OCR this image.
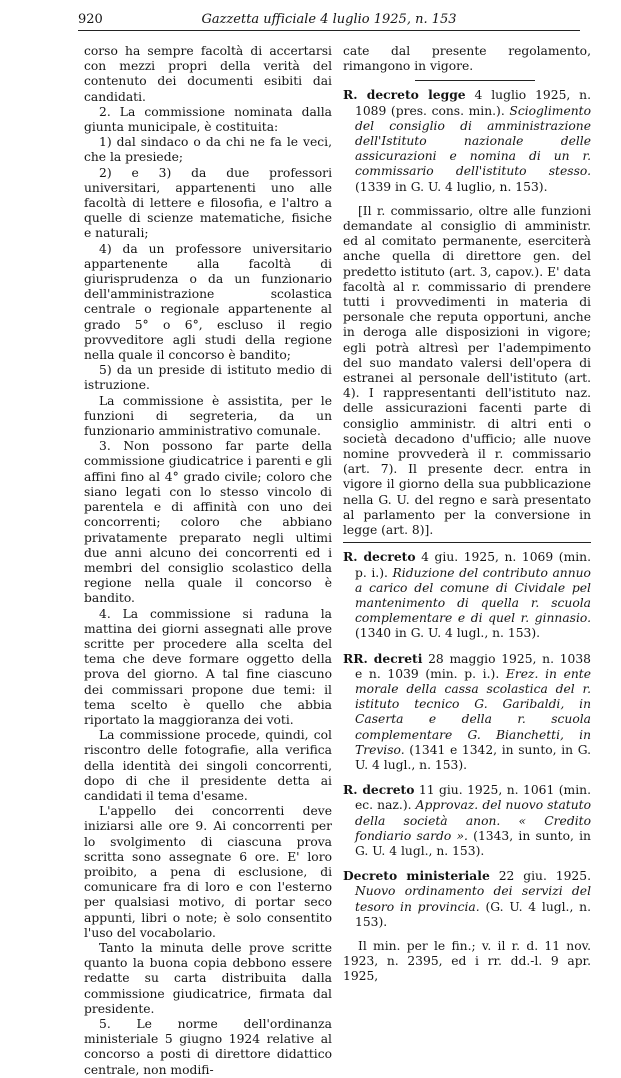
920	Gazzetta ufficiale 4 luglio 1925, n. 153

corso ha sempre facoltà di accertarsi con mezzi propri della verità del contenuto dei documenti esibiti dai candidati.

2. La commissione nominata dalla giunta municipale, è costituita:

1) dal sindaco o da chi ne fa le veci, che la presiede;

2) e 3) da due professori universitari, appartenenti uno alle facoltà di lettere e filosofia, e l'altro a quelle di scienze matematiche, fisiche e naturali;

4) da un professore universitario appartenente alla facoltà di giurisprudenza o da un funzionario dell'amministrazione scolastica centrale o regionale appartenente al grado 5° o 6°, escluso il regio provveditore agli studi della regione nella quale il concorso è bandito;

5) da un preside di istituto medio di istruzione.

La commissione è assistita, per le funzioni di segreteria, da un funzionario amministrativo comunale.

3. Non possono far parte della commissione giudicatrice i parenti e gli affini fino al 4° grado civile; coloro che siano legati con lo stesso vincolo di parentela e di affinità con uno dei concorrenti; coloro che abbiano privatamente preparato negli ultimi due anni alcuno dei concorrenti ed i membri del consiglio scolastico della regione nella quale il concorso è bandito.

4. La commissione si raduna la mattina dei giorni assegnati alle prove scritte per procedere alla scelta del tema che deve formare oggetto della prova del giorno. A tal fine ciascuno dei commissari propone due temi: il tema scelto è quello che abbia riportato la maggioranza dei voti.

La commissione procede, quindi, col riscontro delle fotografie, alla verifica della identità dei singoli concorrenti, dopo di che il presidente detta ai candidati il tema d'esame.

L'appello dei concorrenti deve iniziarsi alle ore 9. Ai concorrenti per lo svolgimento di ciascuna prova scritta sono assegnate 6 ore. E' loro proibito, a pena di esclusione, di comunicare fra di loro e con l'esterno per qualsiasi motivo, di portar seco appunti, libri o note; è solo consentito l'uso del vocabolario.

Tanto la minuta delle prove scritte quanto la buona copia debbono essere redatte su carta distribuita dalla commissione giudicatrice, firmata dal presidente.

5. Le norme dell'ordinanza ministeriale 5 giugno 1924 relative al concorso a posti di direttore didattico centrale, non modifi-

cate dal presente regolamento, rimangono in vigore.

R. decreto legge 4 luglio 1925, n. 1089 (pres. cons. min.). Scioglimento del consiglio di amministrazione dell'Istituto nazionale delle assicurazioni e nomina di un r. commissario dell'istituto stesso. (1339 in G. U. 4 luglio, n. 153).

[Il r. commissario, oltre alle funzioni demandate al consiglio di amministr. ed al comitato permanente, eserciterà anche quella di direttore gen. del predetto istituto (art. 3, capov.). E' data facoltà al r. commissario di prendere tutti i provvedimenti in materia di personale che reputa opportuni, anche in deroga alle disposizioni in vigore; egli potrà altresì per l'adempimento del suo mandato valersi dell'opera di estranei al personale dell'istituto (art. 4). I rappresentanti dell'istituto naz. delle assicurazioni facenti parte di consiglio amministr. di altri enti o società decadono d'ufficio; alle nuove nomine provvederà il r. commissario (art. 7). Il presente decr. entra in vigore il giorno della sua pubblicazione nella G. U. del regno e sarà presentato al parlamento per la conversione in legge (art. 8)].

R. decreto 4 giu. 1925, n. 1069 (min. p. i.). Riduzione del contributo annuo a carico del comune di Cividale pel mantenimento di quella r. scuola complementare e di quel r. ginnasio. (1340 in G. U. 4 lugl., n. 153).

RR. decreti 28 maggio 1925, n. 1038 e n. 1039 (min. p. i.). Erez. in ente morale della cassa scolastica del r. istituto tecnico G. Garibaldi, in Caserta e della r. scuola complementare G. Bianchetti, in Treviso. (1341 e 1342, in sunto, in G. U. 4 lugl., n. 153).

R. decreto 11 giu. 1925, n. 1061 (min. ec. naz.). Approvaz. del nuovo statuto della società anon. « Credito fondiario sardo ». (1343, in sunto, in G. U. 4 lugl., n. 153).

Decreto ministeriale 22 giu. 1925. Nuovo ordinamento dei servizi del tesoro in provincia. (G. U. 4 lugl., n. 153).

Il min. per le fin.; v. il r. d. 11 nov. 1923, n. 2395, ed i rr. dd.-l. 9 apr. 1925,
